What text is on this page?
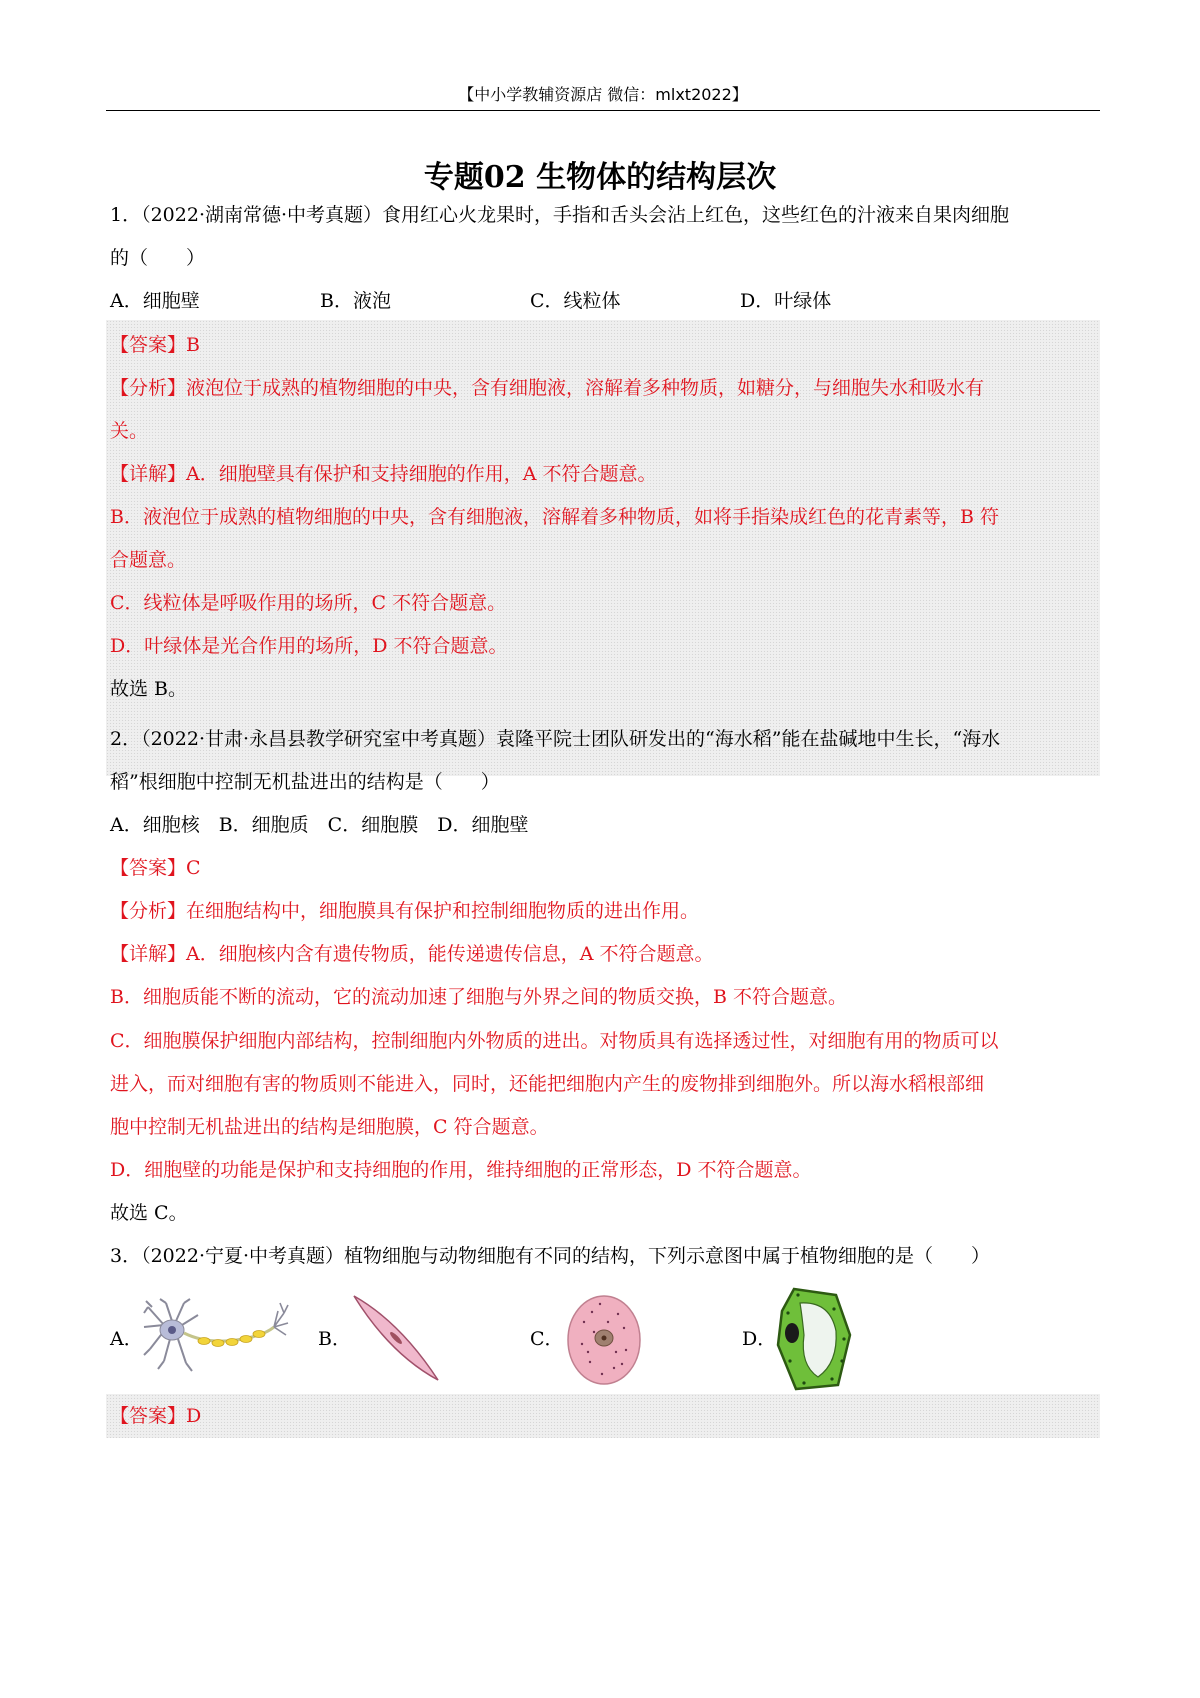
【中小学教辅资源店 微信：mlxt2022】
专题02 生物体的结构层次
1．（2022·湖南常德·中考真题）食用红心火龙果时，手指和舌头会沾上红色，这些红色的汁液来自果肉细胞
的（　　）
A．细胞壁	B．液泡	C．线粒体	D．叶绿体
【答案】B
【分析】液泡位于成熟的植物细胞的中央，含有细胞液，溶解着多种物质，如糖分，与细胞失水和吸水有
关。
【详解】A．细胞壁具有保护和支持细胞的作用，A 不符合题意。
B．液泡位于成熟的植物细胞的中央，含有细胞液，溶解着多种物质，如将手指染成红色的花青素等，B 符
合题意。
C．线粒体是呼吸作用的场所，C 不符合题意。
D．叶绿体是光合作用的场所，D 不符合题意。
故选 B。
2．（2022·甘肃·永昌县教学研究室中考真题）袁隆平院士团队研发出的“海水稻”能在盐碱地中生长，“海水
稻”根细胞中控制无机盐进出的结构是（　　）
A．细胞核　B．细胞质　C．细胞膜　D．细胞壁
【答案】C
【分析】在细胞结构中，细胞膜具有保护和控制细胞物质的进出作用。
【详解】A．细胞核内含有遗传物质，能传递遗传信息，A 不符合题意。
B．细胞质能不断的流动，它的流动加速了细胞与外界之间的物质交换，B 不符合题意。
C．细胞膜保护细胞内部结构，控制细胞内外物质的进出。对物质具有选择透过性，对细胞有用的物质可以
进入，而对细胞有害的物质则不能进入，同时，还能把细胞内产生的废物排到细胞外。所以海水稻根部细
胞中控制无机盐进出的结构是细胞膜，C 符合题意。
D．细胞壁的功能是保护和支持细胞的作用，维持细胞的正常形态，D 不符合题意。
故选 C。
3．（2022·宁夏·中考真题）植物细胞与动物细胞有不同的结构，下列示意图中属于植物细胞的是（　　）
A．	B．	C．	D．
【答案】D
